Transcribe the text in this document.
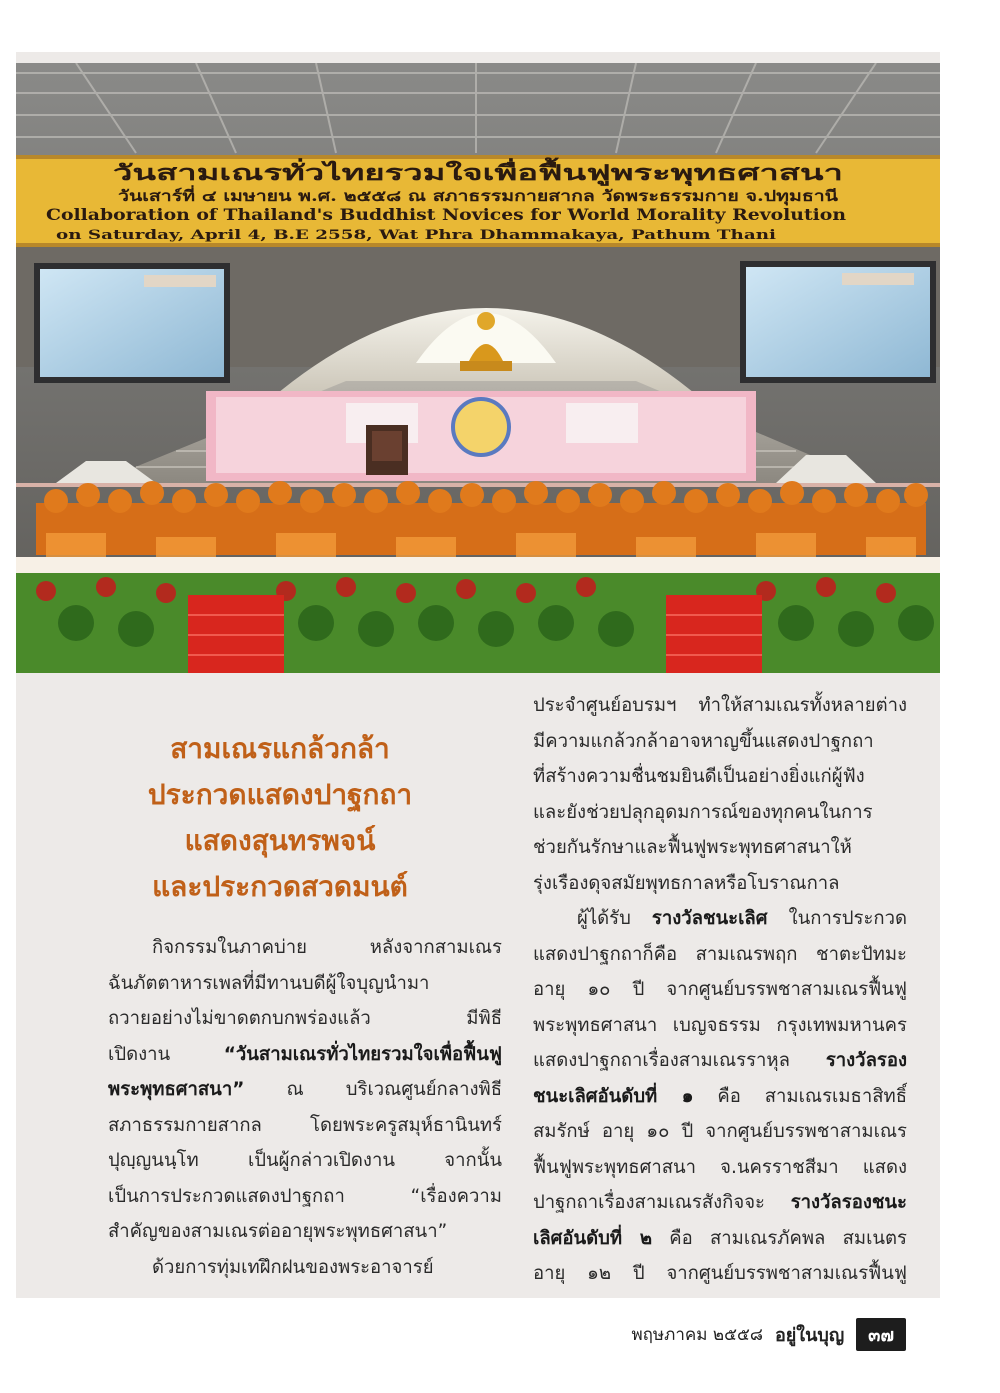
วันสามเณรทั่วไทยรวมใจเพื่อฟื้นฟูพระพุทธศาสนา
วันเสาร์ที่ ๔ เมษายน พ.ศ. ๒๕๕๘ ณ สภาธรรมกายสากล วัดพระธรรมกาย จ.ปทุมธานี
Collaboration of Thailand's Buddhist Novices for World Morality Revolution
on Saturday, April 4, B.E 2558, Wat Phra Dhammakaya, Pathum Thani
สามเณรแกล้วกล้า
ประกวดแสดงปาฐกถา
แสดงสุนทรพจน์
และประกวดสวดมนต์
กิจกรรมในภาคบ่าย หลังจากสามเณร
ฉันภัตตาหารเพลที่มีทานบดีผู้ใจบุญนำมา
ถวายอย่างไม่ขาดตกบกพร่องแล้ว มีพิธี
เปิดงาน “วันสามเณรทั่วไทยรวมใจเพื่อฟื้นฟู
พระพุทธศาสนา” ณ บริเวณศูนย์กลางพิธี
สภาธรรมกายสากล โดยพระครูสมุห์ธานินทร์
ปุญฺญนนฺโท เป็นผู้กล่าวเปิดงาน จากนั้น
เป็นการประกวดแสดงปาฐกถา “เรื่องความ
สำคัญของสามเณรต่ออายุพระพุทธศาสนา”
ด้วยการทุ่มเทฝึกฝนของพระอาจารย์
ประจำศูนย์อบรมฯ ทำให้สามเณรทั้งหลายต่าง
มีความแกล้วกล้าอาจหาญขึ้นแสดงปาฐกถา
ที่สร้างความชื่นชมยินดีเป็นอย่างยิ่งแก่ผู้ฟัง
และยังช่วยปลุกอุดมการณ์ของทุกคนในการ
ช่วยกันรักษาและฟื้นฟูพระพุทธศาสนาให้
รุ่งเรืองดุจสมัยพุทธกาลหรือโบราณกาล
ผู้ได้รับ รางวัลชนะเลิศ ในการประกวด
แสดงปาฐกถาก็คือ สามเณรพฤก ชาตะปัทมะ
อายุ ๑๐ ปี จากศูนย์บรรพชาสามเณรฟื้นฟู
พระพุทธศาสนา เบญจธรรม กรุงเทพมหานคร
แสดงปาฐกถาเรื่องสามเณรราหุล รางวัลรอง
ชนะเลิศอันดับที่ ๑ คือ สามเณรเมธาสิทธิ์
สมรักษ์ อายุ ๑๐ ปี จากศูนย์บรรพชาสามเณร
ฟื้นฟูพระพุทธศาสนา จ.นครราชสีมา แสดง
ปาฐกถาเรื่องสามเณรสังกิจจะ รางวัลรองชนะ
เลิศอันดับที่ ๒ คือ สามเณรภัคพล สมเนตร
อายุ ๑๒ ปี จากศูนย์บรรพชาสามเณรฟื้นฟู
พฤษภาคม ๒๕๕๘ อยู่ในบุญ	๓๗
